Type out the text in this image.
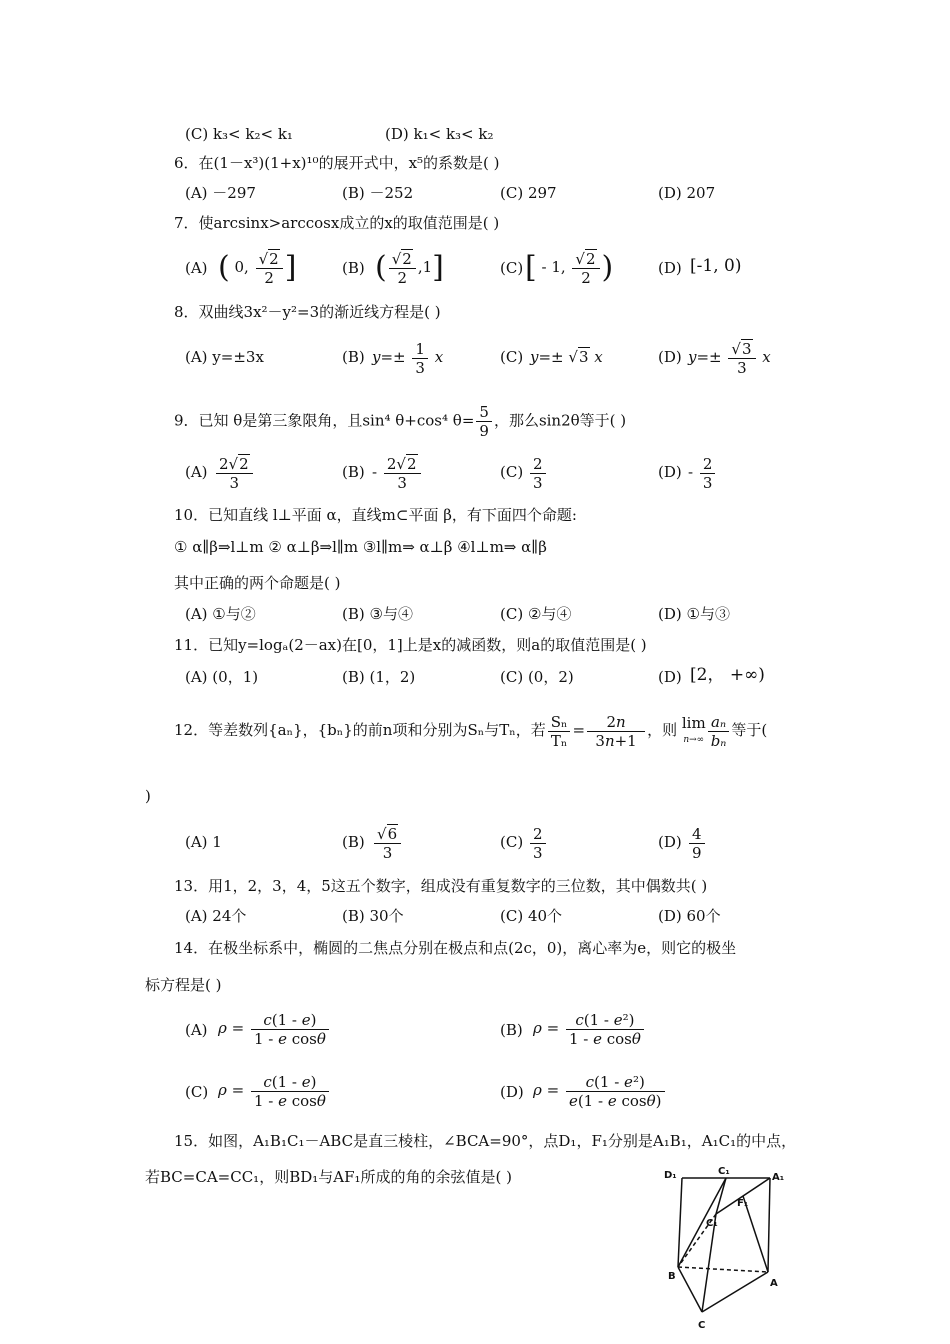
(C) k₃< k₂< k₁	(D) k₁< k₃< k₂
6．在(1－x³)(1+x)¹⁰的展开式中，x⁵的系数是( )
(A) －297	(B) －252	(C) 297	(D) 207
7．使arcsinx>arccosx成立的x的取值范围是( )
(A) ( 0, $\frac{√2}{2}$ ]	(B) ( $\frac{√2}{2} ,1$]	(C) [ - 1, $\frac{√2}{2}$ )	(D) [-1, 0)
8．双曲线3x²－y²=3的渐近线方程是( )
(A) y=±3x	(B) $y=\pm \frac{1}{3}$ x	(C) y=± √3 x	(D) $y=\pm \frac{√3}{3}$ x
9．已知 θ是第三象限角，且sin⁴ θ+cos⁴ $\theta= \frac{5}{9}$ ，那么sin2θ等于( )
$(A) \frac{2√2}{3}$	$(B) - \frac{2√2}{3}$	$(C) \frac{2}{3}$	$(D) - \frac{2}{3}$
10．已知直线 l⊥平面 α，直线m⊂平面 β，有下面四个命题:
① α∥β⇒l⊥m ② α⊥β⇒l∥m ③l∥m⇒ α⊥β ④l⊥m⇒ α∥β
其中正确的两个命题是( )
(A) ①与②	(B) ③与④	(C) ②与④	(D) ①与③
11．已知y=logₐ(2－ax)在[0，1]上是x的减函数，则a的取值范围是( )
(A) (0，1)	(B) (1，2)	(C) (0，2)	(D) [2， +∞)
12．等差数列{aₙ}，{bₙ}的前n项和分别为Sₙ与Tₙ，若 $\frac{\text{Sₙ}}{\text{Tₙ}} = \frac{2n}{3n+1}$ ，则 lim
$n\to\infty \frac{\text{aₙ}}{\text{bₙ}}$ 等于(
)
(A) 1	$(B) \frac{√6}{3}$	$(C) \frac{2}{3}$	$(D) \frac{4}{9}$
13．用1，2，3，4，5这五个数字，组成没有重复数字的三位数，其中偶数共( )
(A) 24个	(B) 30个	(C) 40个	(D) 60个
14．在极坐标系中，椭圆的二焦点分别在极点和点(2c，0)，离心率为e，则它的极坐
标方程是( )
(A) $\rho = \frac{c(1 - e)}{\text{1 - e cosθ}}$	(B) $\rho = \frac{\text{c(1 - e²)}}{\text{1 - e cosθ}}$
(C) $\rho = \frac{c(1 - e)}{\text{1 - e cosθ}}$	(D) $\rho = \frac{\text{c(1 - e²)}}{\text{e(1 - e cosθ)}}$
15．如图，A₁B₁C₁－ABC是直三棱柱，∠BCA=90°，点D₁，F₁分别是A₁B₁，A₁C₁的中点，
若BC=CA=CC₁，则BD₁与AF₁所成的角的余弦值是( )	D₁	C₁
A₁
F₁
C₁
B
A
C
